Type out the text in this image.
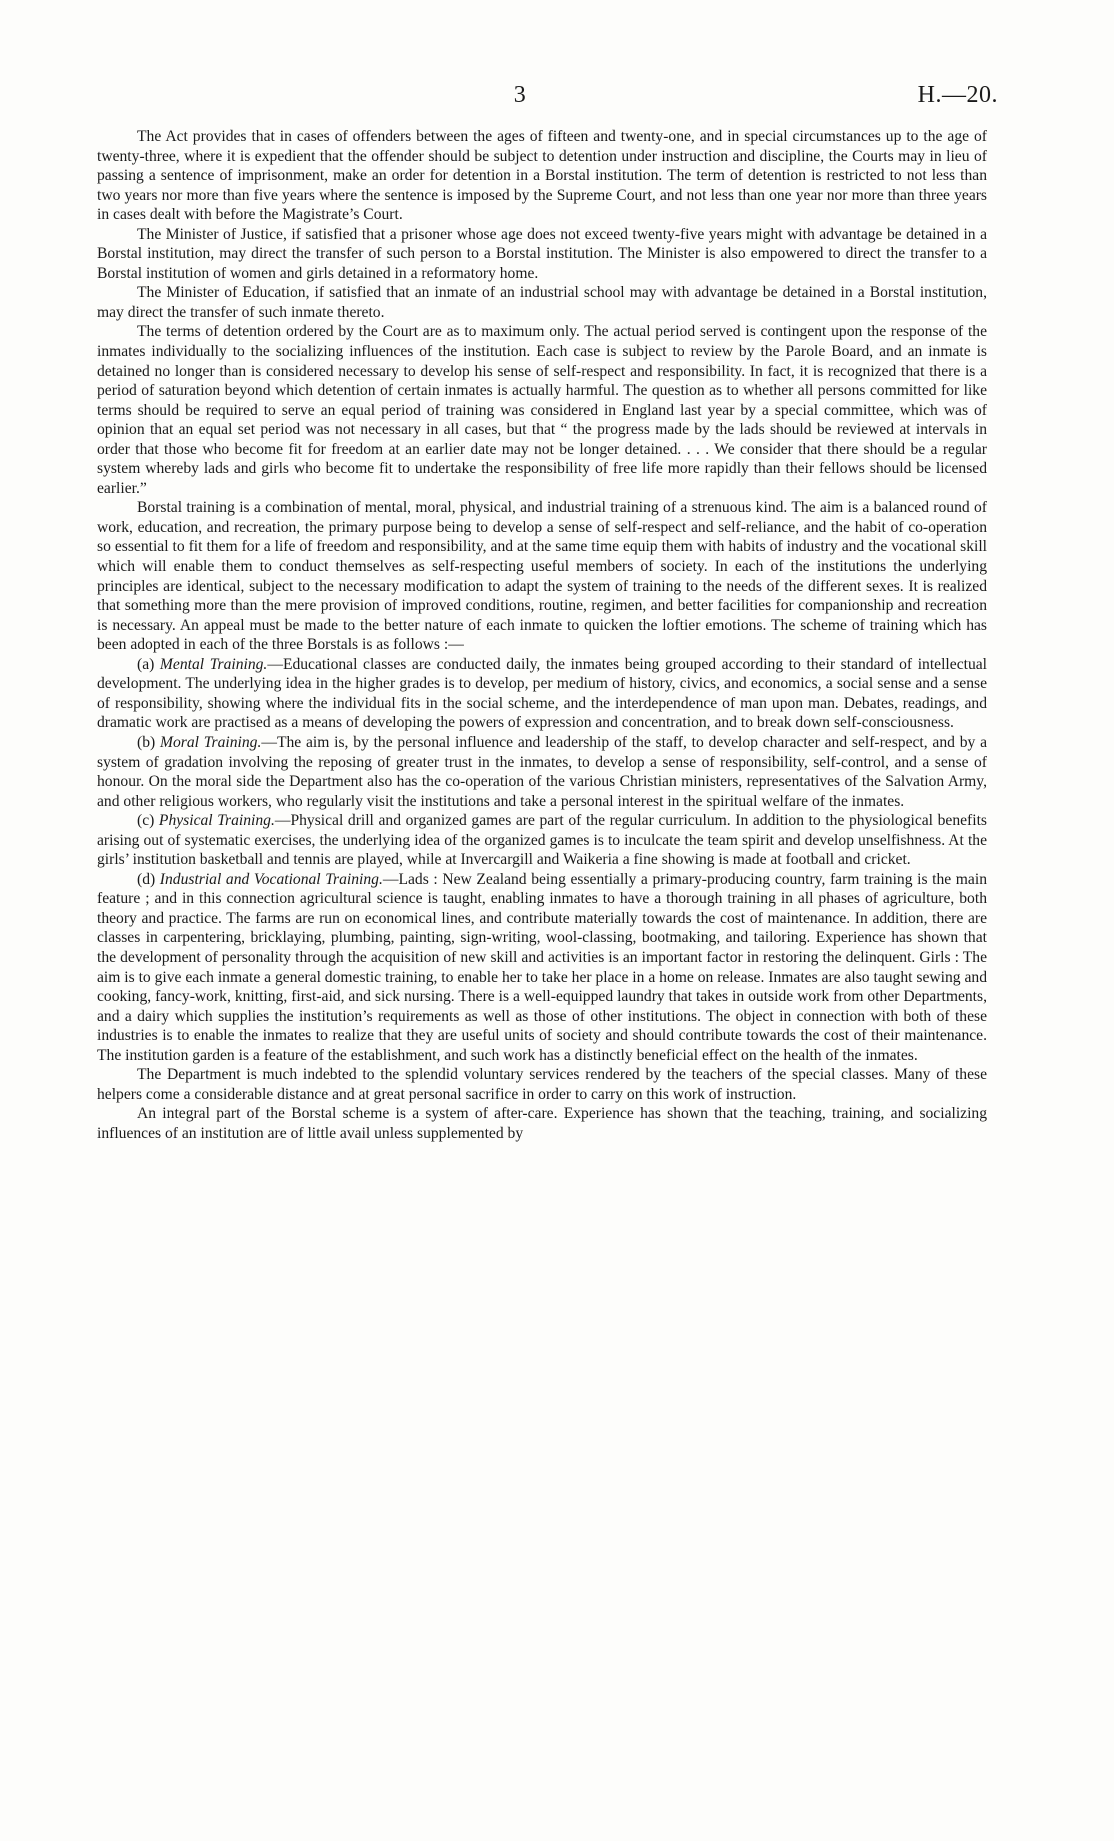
3	H.—20.

The Act provides that in cases of offenders between the ages of fifteen and twenty-one, and in special circumstances up to the age of twenty-three, where it is expedient that the offender should be subject to detention under instruction and discipline, the Courts may in lieu of passing a sentence of imprisonment, make an order for detention in a Borstal institution. The term of detention is restricted to not less than two years nor more than five years where the sentence is imposed by the Supreme Court, and not less than one year nor more than three years in cases dealt with before the Magistrate’s Court.

The Minister of Justice, if satisfied that a prisoner whose age does not exceed twenty-five years might with advantage be detained in a Borstal institution, may direct the transfer of such person to a Borstal institution. The Minister is also empowered to direct the transfer to a Borstal institution of women and girls detained in a reformatory home.

The Minister of Education, if satisfied that an inmate of an industrial school may with advantage be detained in a Borstal institution, may direct the transfer of such inmate thereto.

The terms of detention ordered by the Court are as to maximum only. The actual period served is contingent upon the response of the inmates individually to the socializing influences of the institution. Each case is subject to review by the Parole Board, and an inmate is detained no longer than is considered necessary to develop his sense of self-respect and responsibility. In fact, it is recognized that there is a period of saturation beyond which detention of certain inmates is actually harmful. The question as to whether all persons committed for like terms should be required to serve an equal period of training was considered in England last year by a special committee, which was of opinion that an equal set period was not necessary in all cases, but that “ the progress made by the lads should be reviewed at intervals in order that those who become fit for freedom at an earlier date may not be longer detained. . . . We consider that there should be a regular system whereby lads and girls who become fit to undertake the responsibility of free life more rapidly than their fellows should be licensed earlier.”

Borstal training is a combination of mental, moral, physical, and industrial training of a strenuous kind. The aim is a balanced round of work, education, and recreation, the primary purpose being to develop a sense of self-respect and self-reliance, and the habit of co-operation so essential to fit them for a life of freedom and responsibility, and at the same time equip them with habits of industry and the vocational skill which will enable them to conduct themselves as self-respecting useful members of society. In each of the institutions the underlying principles are identical, subject to the necessary modification to adapt the system of training to the needs of the different sexes. It is realized that something more than the mere provision of improved conditions, routine, regimen, and better facilities for companionship and recreation is necessary. An appeal must be made to the better nature of each inmate to quicken the loftier emotions. The scheme of training which has been adopted in each of the three Borstals is as follows :—

(a) Mental Training.—Educational classes are conducted daily, the inmates being grouped according to their standard of intellectual development. The underlying idea in the higher grades is to develop, per medium of history, civics, and economics, a social sense and a sense of responsibility, showing where the individual fits in the social scheme, and the interdependence of man upon man. Debates, readings, and dramatic work are practised as a means of developing the powers of expression and concentration, and to break down self-consciousness.

(b) Moral Training.—The aim is, by the personal influence and leadership of the staff, to develop character and self-respect, and by a system of gradation involving the reposing of greater trust in the inmates, to develop a sense of responsibility, self-control, and a sense of honour. On the moral side the Department also has the co-operation of the various Christian ministers, representatives of the Salvation Army, and other religious workers, who regularly visit the institutions and take a personal interest in the spiritual welfare of the inmates.

(c) Physical Training.—Physical drill and organized games are part of the regular curriculum. In addition to the physiological benefits arising out of systematic exercises, the underlying idea of the organized games is to inculcate the team spirit and develop unselfishness. At the girls’ institution basketball and tennis are played, while at Invercargill and Waikeria a fine showing is made at football and cricket.

(d) Industrial and Vocational Training.—Lads : New Zealand being essentially a primary-producing country, farm training is the main feature ; and in this connection agricultural science is taught, enabling inmates to have a thorough training in all phases of agriculture, both theory and practice. The farms are run on economical lines, and contribute materially towards the cost of maintenance. In addition, there are classes in carpentering, bricklaying, plumbing, painting, sign-writing, wool-classing, bootmaking, and tailoring. Experience has shown that the development of personality through the acquisition of new skill and activities is an important factor in restoring the delinquent. Girls : The aim is to give each inmate a general domestic training, to enable her to take her place in a home on release. Inmates are also taught sewing and cooking, fancy-work, knitting, first-aid, and sick nursing. There is a well-equipped laundry that takes in outside work from other Departments, and a dairy which supplies the institution’s requirements as well as those of other institutions. The object in connection with both of these industries is to enable the inmates to realize that they are useful units of society and should contribute towards the cost of their maintenance. The institution garden is a feature of the establishment, and such work has a distinctly beneficial effect on the health of the inmates.

The Department is much indebted to the splendid voluntary services rendered by the teachers of the special classes. Many of these helpers come a considerable distance and at great personal sacrifice in order to carry on this work of instruction.

An integral part of the Borstal scheme is a system of after-care. Experience has shown that the teaching, training, and socializing influences of an institution are of little avail unless supplemented by
